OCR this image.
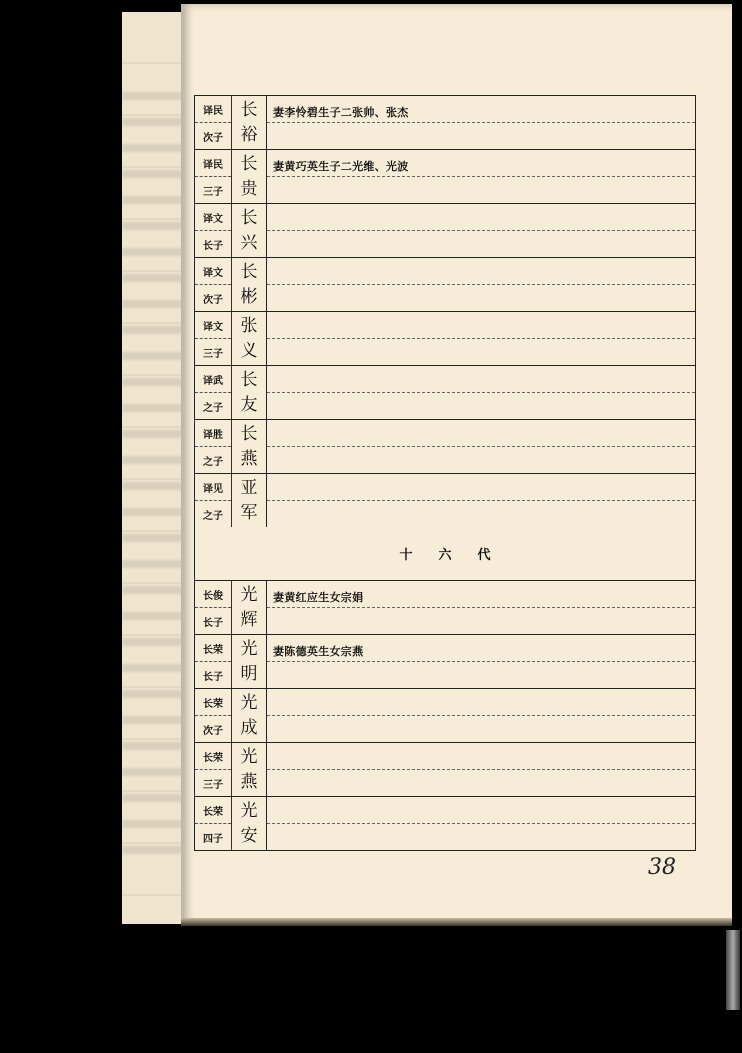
译民
次子
长
裕
妻李怜碧生子二张帅、张杰
译民
三子
长
贵
妻黄巧英生子二光维、光波
译文
长子
长
兴
译文
次子
长
彬
译文
三子
张
义
译武
之子
长
友
译胜
之子
长
燕
译见
之子
亚
军
十六代
长俊
长子
光
辉
妻黄红应生女宗娟
长荣
长子
光
明
妻陈德英生女宗燕
长荣
次子
光
成
长荣
三子
光
燕
长荣
四子
光
安
38
